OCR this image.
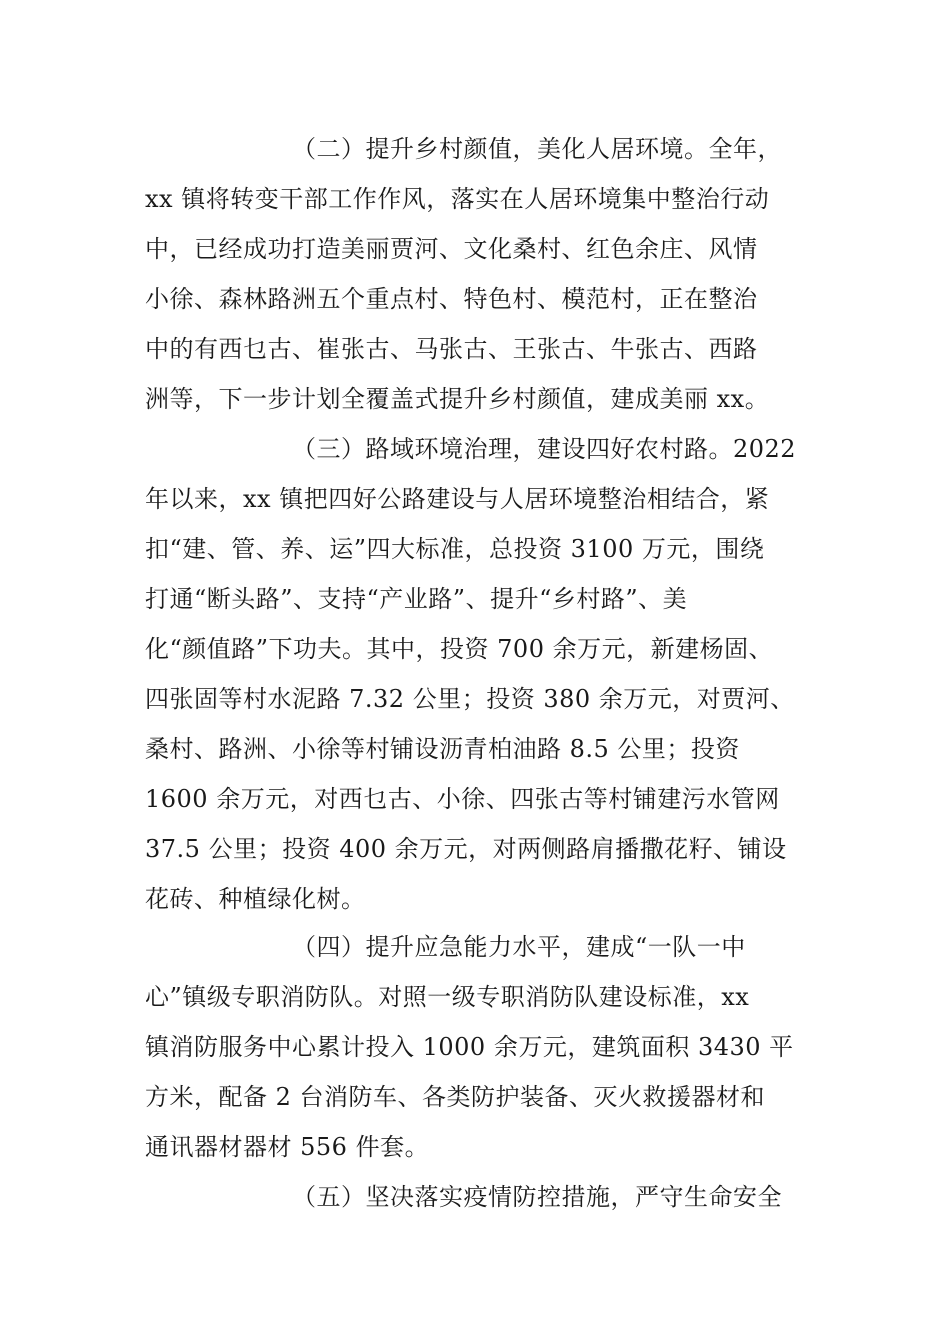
（二）提升乡村颜值，美化人居环境。全年，
xx 镇将转变干部工作作风，落实在人居环境集中整治行动
中，已经成功打造美丽贾河、文化桑村、红色余庄、风情
小徐、森林路洲五个重点村、特色村、模范村，正在整治
中的有西乜古、崔张古、马张古、王张古、牛张古、西路
洲等，下一步计划全覆盖式提升乡村颜值，建成美丽 xx。
（三）路域环境治理，建设四好农村路。2022
年以来，xx 镇把四好公路建设与人居环境整治相结合，紧
扣“建、管、养、运”四大标准，总投资 3100 万元，围绕
打通“断头路”、支持“产业路”、提升“乡村路”、美
化“颜值路”下功夫。其中，投资 700 余万元，新建杨固、
四张固等村水泥路 7.32 公里；投资 380 余万元，对贾河、
桑村、路洲、小徐等村铺设沥青柏油路 8.5 公里；投资
1600 余万元，对西乜古、小徐、四张古等村铺建污水管网
37.5 公里；投资 400 余万元，对两侧路肩播撒花籽、铺设
花砖、种植绿化树。
（四）提升应急能力水平，建成“一队一中
心”镇级专职消防队。对照一级专职消防队建设标准，xx
镇消防服务中心累计投入 1000 余万元，建筑面积 3430 平
方米，配备 2 台消防车、各类防护装备、灭火救援器材和
通讯器材器材 556 件套。
（五）坚决落实疫情防控措施，严守生命安全
